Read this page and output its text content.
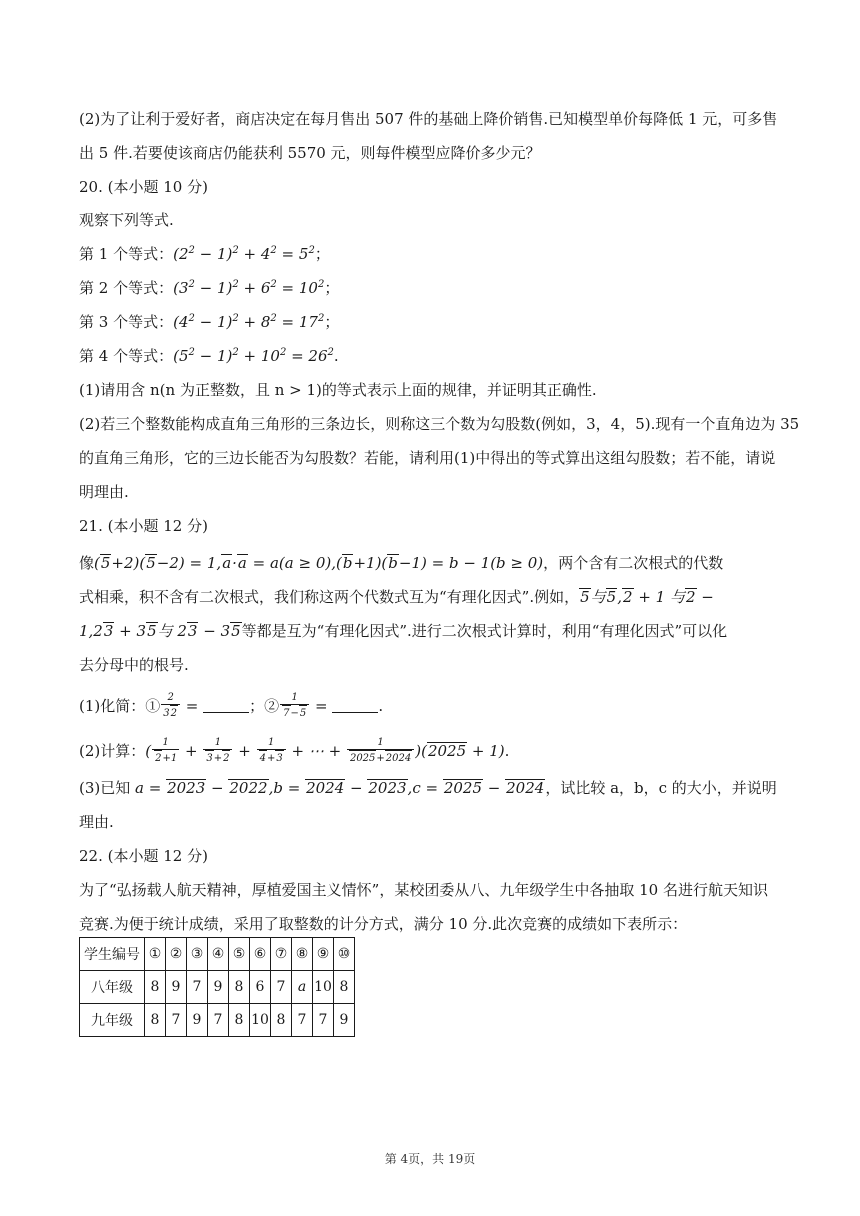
(2)为了让利于爱好者，商店决定在每月售出 507 件的基础上降价销售.已知模型单价每降低 1 元，可多售
出 5 件.若要使该商店仍能获利 5570 元，则每件模型应降价多少元？
20. (本小题 10 分)
观察下列等式.
第 1 个等式：$(2^2 - 1)^2 + 4^2 = 5^2$；
第 2 个等式：$(3^2 - 1)^2 + 6^2 = 10^2$；
第 3 个等式：$(4^2 - 1)^2 + 8^2 = 17^2$；
第 4 个等式：$(5^2 - 1)^2 + 10^2 = 26^2$.
(1)请用含 n(n 为正整数，且 n > 1)的等式表示上面的规律，并证明其正确性.
(2)若三个整数能构成直角三角形的三条边长，则称这三个数为勾股数(例如，3，4，5).现有一个直角边为 35
的直角三角形，它的三边长能否为勾股数？若能，请利用(1)中得出的等式算出这组勾股数；若不能，请说
明理由.
21. (本小题 12 分)
像(5+2)(5−2) = 1,a·a = a(a ≥ 0),(b+1)(b−1) = b − 1(b ≥ 0)，两个含有二次根式的代数
式相乘，积不含有二次根式，我们称这两个代数式互为“有理化因式”.例如，5与5,2 + 1 与2 −
1,23 + 35与 23 − 35等都是互为“有理化因式”.进行二次根式计算时，利用“有理化因式”可以化
去分母中的根号.
(1)化简：① $\frac{2}{32}$ =	；② $\frac{1}{7-5}$ =	.
(2)计算：( $\frac{1}{2+1} + \frac{1}{3+2} + \frac{1}{4+3}$ + ⋯ + $\frac{1}{2025+2024} )(2025 + 1)$.
(3)已知 a = 2023 − 2022,b = 2024 − 2023,c = 2025 − 2024，试比较 a，b，c 的大小，并说明
理由.
22. (本小题 12 分)
为了“弘扬载人航天精神，厚植爱国主义情怀”，某校团委从八、九年级学生中各抽取 10 名进行航天知识
竞赛.为便于统计成绩，采用了取整数的计分方式，满分 10 分.此次竞赛的成绩如下表所示：
学生编号	①	②	③	④	⑤	⑥	⑦	⑧	⑨	⑩
八年级	8	9	7	9	8	6	7	a	10	8
九年级	8	7	9	7	8	10	8	7	7	9
第 4页，共 19页
